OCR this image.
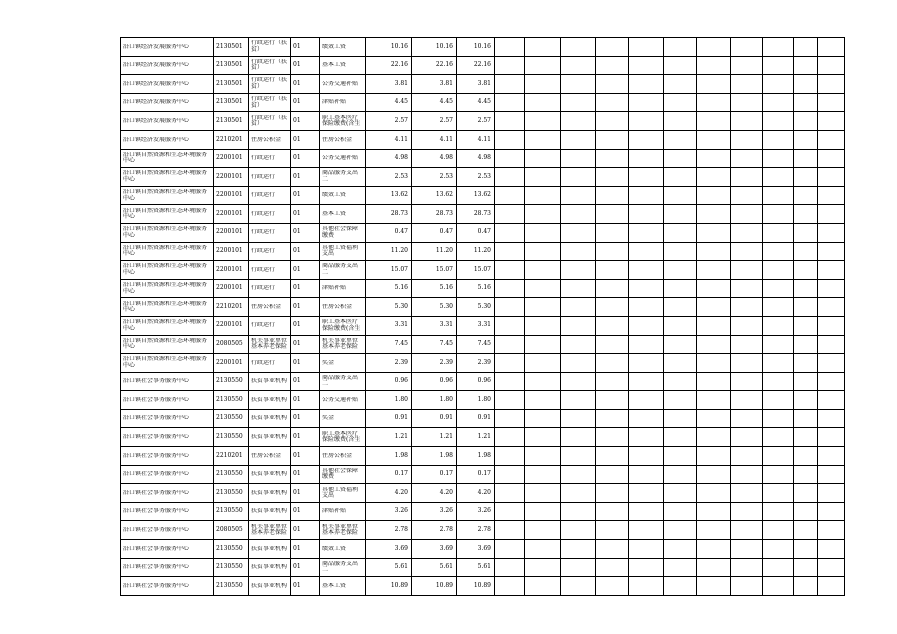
沿口镇经济发展服务中心	2130501	行政运行（扶贫）	01	绩效工资	10.16	10.16	10.16											

沿口镇经济发展服务中心	2130501	行政运行（扶贫）	01	基本工资	22.16	22.16	22.16											

沿口镇经济发展服务中心	2130501	行政运行（扶贫）	01	公务交通补贴	3.81	3.81	3.81											

沿口镇经济发展服务中心	2130501	行政运行（扶贫）	01	津贴补贴	4.45	4.45	4.45											

沿口镇经济发展服务中心	2130501	行政运行（扶贫）	01	职工基本医疗保险缴费(含生	2.57	2.57	2.57											

沿口镇经济发展服务中心	2210201	住房公积金	01	住房公积金	4.11	4.11	4.11											

沿口镇自然资源和生态环境服务中心	2200101	行政运行	01	公务交通补贴	4.98	4.98	4.98											

沿口镇自然资源和生态环境服务中心	2200101	行政运行	01	商品服务支出二	2.53	2.53	2.53											

沿口镇自然资源和生态环境服务中心	2200101	行政运行	01	绩效工资	13.62	13.62	13.62											

沿口镇自然资源和生态环境服务中心	2200101	行政运行	01	基本工资	28.73	28.73	28.73											

沿口镇自然资源和生态环境服务中心	2200101	行政运行	01	其他社会保障缴费	0.47	0.47	0.47											

沿口镇自然资源和生态环境服务中心	2200101	行政运行	01	其他工资福利支出	11.20	11.20	11.20											

沿口镇自然资源和生态环境服务中心	2200101	行政运行	01	商品服务支出二	15.07	15.07	15.07											

沿口镇自然资源和生态环境服务中心	2200101	行政运行	01	津贴补贴	5.16	5.16	5.16											

沿口镇自然资源和生态环境服务中心	2210201	住房公积金	01	住房公积金	5.30	5.30	5.30											

沿口镇自然资源和生态环境服务中心	2200101	行政运行	01	职工基本医疗保险缴费(含生	3.31	3.31	3.31											

沿口镇自然资源和生态环境服务中心	2080505	机关事业单位基本养老保险	01	机关事业单位基本养老保险	7.45	7.45	7.45											

沿口镇自然资源和生态环境服务中心	2200101	行政运行	01	奖金	2.39	2.39	2.39											

沿口镇社会事务服务中心	2130550	扶贫事业机构	01	商品服务支出二	0.96	0.96	0.96											

沿口镇社会事务服务中心	2130550	扶贫事业机构	01	公务交通补贴	1.80	1.80	1.80											

沿口镇社会事务服务中心	2130550	扶贫事业机构	01	奖金	0.91	0.91	0.91											

沿口镇社会事务服务中心	2130550	扶贫事业机构	01	职工基本医疗保险缴费(含生	1.21	1.21	1.21											

沿口镇社会事务服务中心	2210201	住房公积金	01	住房公积金	1.98	1.98	1.98											

沿口镇社会事务服务中心	2130550	扶贫事业机构	01	其他社会保障缴费	0.17	0.17	0.17											

沿口镇社会事务服务中心	2130550	扶贫事业机构	01	其他工资福利支出	4.20	4.20	4.20											

沿口镇社会事务服务中心	2130550	扶贫事业机构	01	津贴补贴	3.26	3.26	3.26											

沿口镇社会事务服务中心	2080505	机关事业单位基本养老保险	01	机关事业单位基本养老保险	2.78	2.78	2.78											

沿口镇社会事务服务中心	2130550	扶贫事业机构	01	绩效工资	3.69	3.69	3.69											

沿口镇社会事务服务中心	2130550	扶贫事业机构	01	商品服务支出二	5.61	5.61	5.61											

沿口镇社会事务服务中心	2130550	扶贫事业机构	01	基本工资	10.89	10.89	10.89											
